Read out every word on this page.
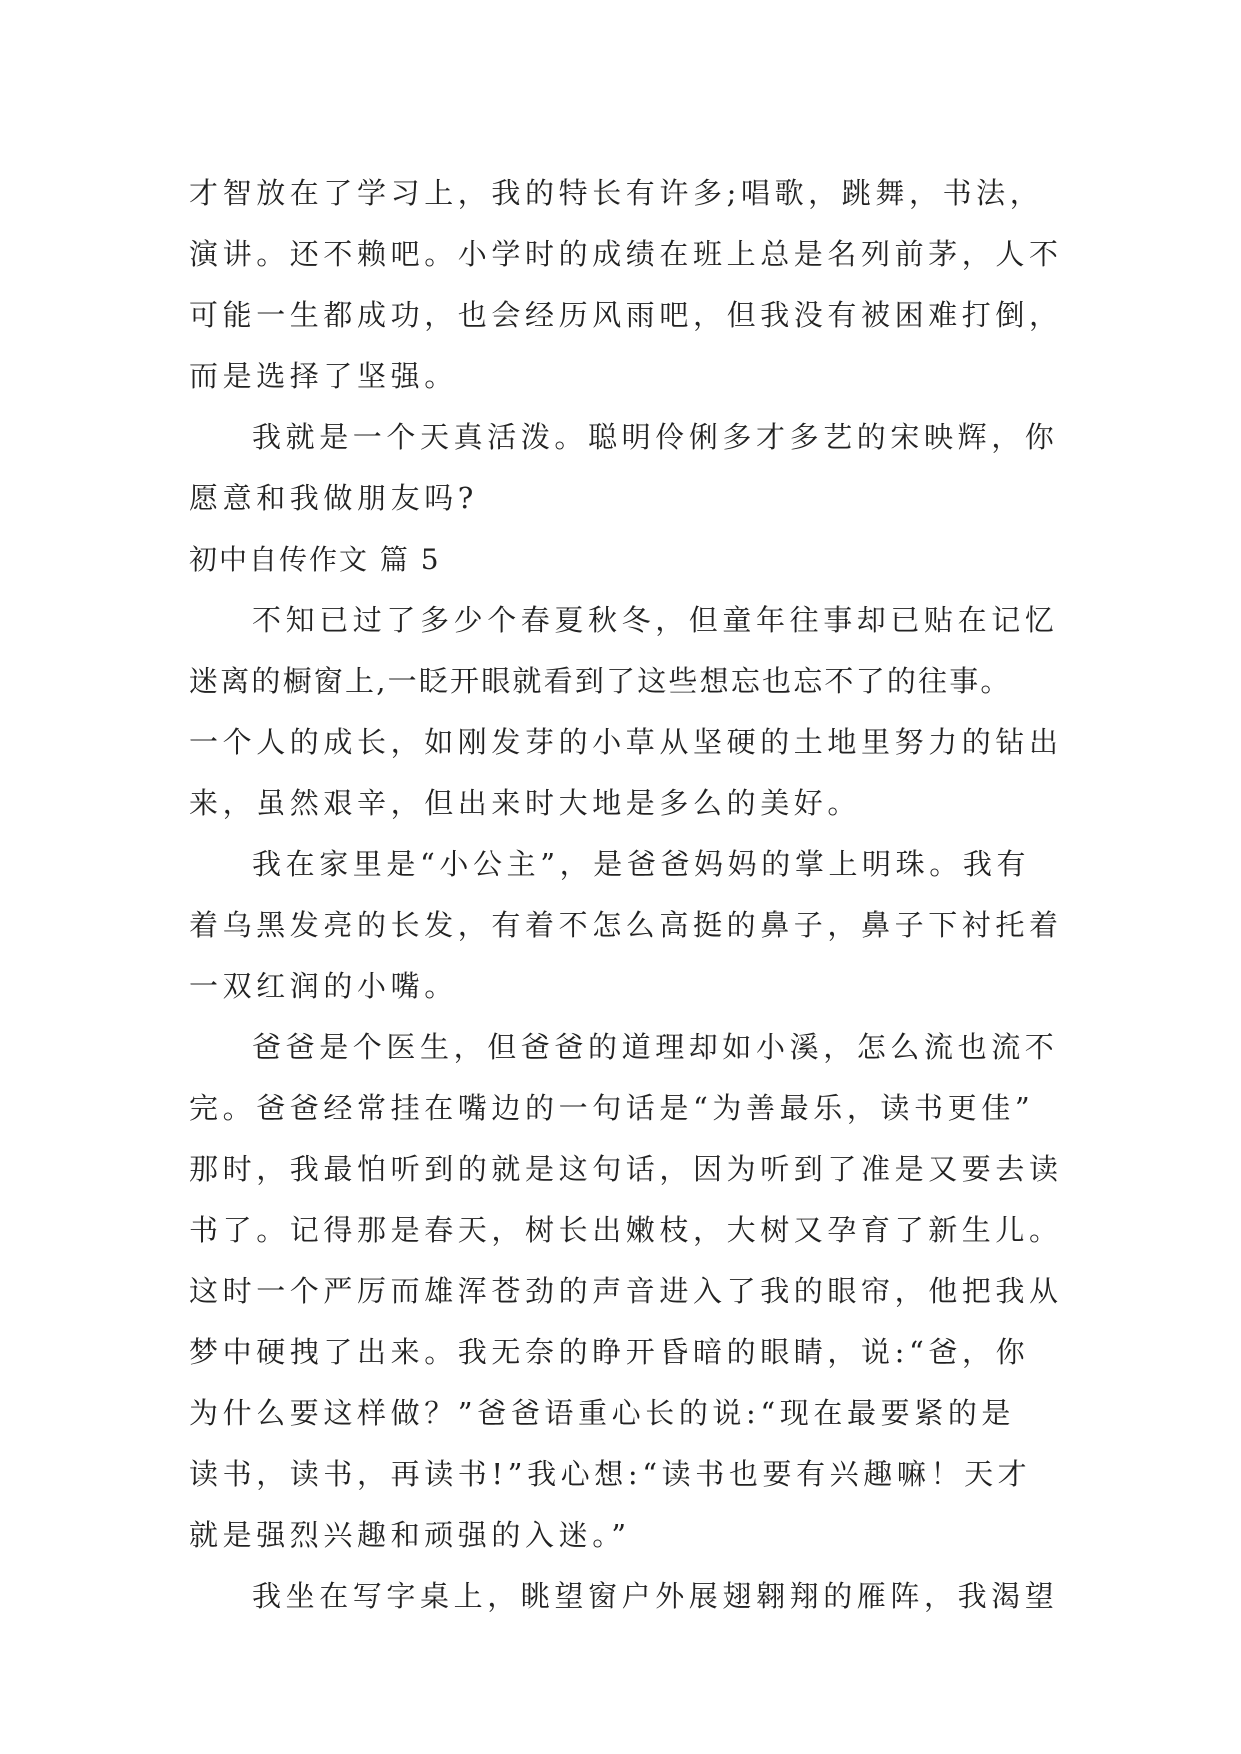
才智放在了学习上，我的特长有许多;唱歌，跳舞，书法，
演讲。还不赖吧。小学时的成绩在班上总是名列前茅，人不
可能一生都成功，也会经历风雨吧，但我没有被困难打倒，
而是选择了坚强。
我就是一个天真活泼。聪明伶俐多才多艺的宋映辉，你
愿意和我做朋友吗?
初中自传作文 篇 5
不知已过了多少个春夏秋冬，但童年往事却已贴在记忆
迷离的橱窗上,一眨开眼就看到了这些想忘也忘不了的往事。
一个人的成长，如刚发芽的小草从坚硬的土地里努力的钻出
来，虽然艰辛，但出来时大地是多么的美好。
我在家里是“小公主”，是爸爸妈妈的掌上明珠。我有
着乌黑发亮的长发，有着不怎么高挺的鼻子，鼻子下衬托着
一双红润的小嘴。
爸爸是个医生，但爸爸的道理却如小溪，怎么流也流不
完。爸爸经常挂在嘴边的一句话是“为善最乐，读书更佳”
那时，我最怕听到的就是这句话，因为听到了准是又要去读
书了。记得那是春天，树长出嫩枝，大树又孕育了新生儿。
这时一个严厉而雄浑苍劲的声音进入了我的眼帘，他把我从
梦中硬拽了出来。我无奈的睁开昏暗的眼睛，说:“爸，你
为什么要这样做？”爸爸语重心长的说:“现在最要紧的是
读书，读书，再读书!”我心想:“读书也要有兴趣嘛！天才
就是强烈兴趣和顽强的入迷。”
我坐在写字桌上，眺望窗户外展翅翱翔的雁阵，我渴望
